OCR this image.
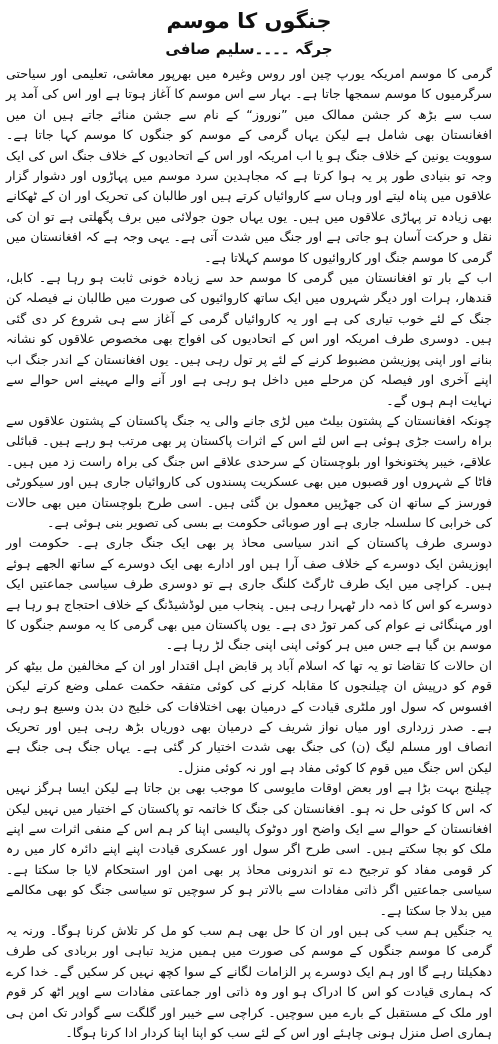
جنگوں کا موسم
جرگہ ۔۔۔۔سلیم صافی

گرمی کا موسم امریکہ یورپ چین اور روس وغیرہ میں بھرپور معاشی، تعلیمی اور سیاحتی سرگرمیوں کا موسم سمجھا جاتا ہے۔ بہار سے اس موسم کا آغاز ہوتا ہے اور اس کی آمد پر سب سے بڑھ کر جشن ممالک میں ”نوروز“ کے نام سے جشن منائے جاتے ہیں ان میں افغانستان بھی شامل ہے لیکن یہاں گرمی کے موسم کو جنگوں کا موسم کہا جاتا ہے۔ سوویت یونین کے خلاف جنگ ہو یا اب امریکہ اور اس کے اتحادیوں کے خلاف جنگ اس کی ایک وجہ تو بنیادی طور پر یہ ہوا کرتا ہے کہ مجاہدین سرد موسم میں پہاڑوں اور دشوار گزار علاقوں میں پناہ لیتے اور وہاں سے کاروائیاں کرتے ہیں اور طالبان کی تحریک اور ان کے ٹھکانے بھی زیادہ تر پہاڑی علاقوں میں ہیں۔ یوں یہاں جون جولائی میں برف پگھلتی ہے تو ان کی نقل و حرکت آسان ہو جاتی ہے اور جنگ میں شدت آتی ہے۔ یہی وجہ ہے کہ افغانستان میں گرمی کا موسم جنگ اور کاروائیوں کا موسم کہلاتا ہے۔

اب کے بار تو افغانستان میں گرمی کا موسم حد سے زیادہ خونی ثابت ہو رہا ہے۔ کابل، قندھار، ہرات اور دیگر شہروں میں ایک ساتھ کاروائیوں کی صورت میں طالبان نے فیصلہ کن جنگ کے لئے خوب تیاری کی ہے اور یہ کاروائیاں گرمی کے آغاز سے ہی شروع کر دی گئی ہیں۔ دوسری طرف امریکہ اور اس کے اتحادیوں کی افواج بھی مخصوص علاقوں کو نشانہ بنانے اور اپنی پوزیشن مضبوط کرنے کے لئے پر تول رہی ہیں۔ یوں افغانستان کے اندر جنگ اب اپنے آخری اور فیصلہ کن مرحلے میں داخل ہو رہی ہے اور آنے والے مہینے اس حوالے سے نہایت اہم ہوں گے۔

چونکہ افغانستان کے پشتون بیلٹ میں لڑی جانے والی یہ جنگ پاکستان کے پشتون علاقوں سے براہ راست جڑی ہوئی ہے اس لئے اس کے اثرات پاکستان پر بھی مرتب ہو رہے ہیں۔ قبائلی علاقے، خیبر پختونخوا اور بلوچستان کے سرحدی علاقے اس جنگ کی براہ راست زد میں ہیں۔ فاٹا کے شہروں اور قصبوں میں بھی عسکریت پسندوں کی کاروائیاں جاری ہیں اور سیکورٹی فورسز کے ساتھ ان کی جھڑپیں معمول بن گئی ہیں۔ اسی طرح بلوچستان میں بھی حالات کی خرابی کا سلسلہ جاری ہے اور صوبائی حکومت بے بسی کی تصویر بنی ہوئی ہے۔

دوسری طرف پاکستان کے اندر سیاسی محاذ پر بھی ایک جنگ جاری ہے۔ حکومت اور اپوزیشن ایک دوسرے کے خلاف صف آرا ہیں اور ادارے بھی ایک دوسرے کے ساتھ الجھے ہوئے ہیں۔ کراچی میں ایک طرف ٹارگٹ کلنگ جاری ہے تو دوسری طرف سیاسی جماعتیں ایک دوسرے کو اس کا ذمہ دار ٹھہرا رہی ہیں۔ پنجاب میں لوڈشیڈنگ کے خلاف احتجاج ہو رہا ہے اور مہنگائی نے عوام کی کمر توڑ دی ہے۔ یوں پاکستان میں بھی گرمی کا یہ موسم جنگوں کا موسم بن گیا ہے جس میں ہر کوئی اپنی اپنی جنگ لڑ رہا ہے۔

ان حالات کا تقاضا تو یہ تھا کہ اسلام آباد پر قابض اہل اقتدار اور ان کے مخالفین مل بیٹھ کر قوم کو درپیش ان چیلنجوں کا مقابلہ کرنے کی کوئی متفقہ حکمت عملی وضع کرتے لیکن افسوس کہ سول اور ملٹری قیادت کے درمیان بھی اختلافات کی خلیج دن بدن وسیع ہو رہی ہے۔ صدر زرداری اور میاں نواز شریف کے درمیان بھی دوریاں بڑھ رہی ہیں اور تحریک انصاف اور مسلم لیگ (ن) کی جنگ بھی شدت اختیار کر گئی ہے۔ یہاں جنگ ہی جنگ ہے لیکن اس جنگ میں قوم کا کوئی مفاد ہے اور نہ کوئی منزل۔

چیلنج بہت بڑا ہے اور بعض اوقات مایوسی کا موجب بھی بن جاتا ہے لیکن ایسا ہرگز نہیں کہ اس کا کوئی حل نہ ہو۔ افغانستان کی جنگ کا خاتمہ تو پاکستان کے اختیار میں نہیں لیکن افغانستان کے حوالے سے ایک واضح اور دوٹوک پالیسی اپنا کر ہم اس کے منفی اثرات سے اپنے ملک کو بچا سکتے ہیں۔ اسی طرح اگر سول اور عسکری قیادت اپنے اپنے دائرہ کار میں رہ کر قومی مفاد کو ترجیح دے تو اندرونی محاذ پر بھی امن اور استحکام لایا جا سکتا ہے۔ سیاسی جماعتیں اگر ذاتی مفادات سے بالاتر ہو کر سوچیں تو سیاسی جنگ کو بھی مکالمے میں بدلا جا سکتا ہے۔

یہ جنگیں ہم سب کی ہیں اور ان کا حل بھی ہم سب کو مل کر تلاش کرنا ہوگا۔ ورنہ یہ گرمی کا موسم جنگوں کے موسم کی صورت میں ہمیں مزید تباہی اور بربادی کی طرف دھکیلتا رہے گا اور ہم ایک دوسرے پر الزامات لگانے کے سوا کچھ نہیں کر سکیں گے۔ خدا کرے کہ ہماری قیادت کو اس کا ادراک ہو اور وہ ذاتی اور جماعتی مفادات سے اوپر اٹھ کر قوم اور ملک کے مستقبل کے بارے میں سوچیں۔ کراچی سے خیبر اور گلگت سے گوادر تک امن ہی ہماری اصل منزل ہونی چاہئے اور اس کے لئے سب کو اپنا اپنا کردار ادا کرنا ہوگا۔
